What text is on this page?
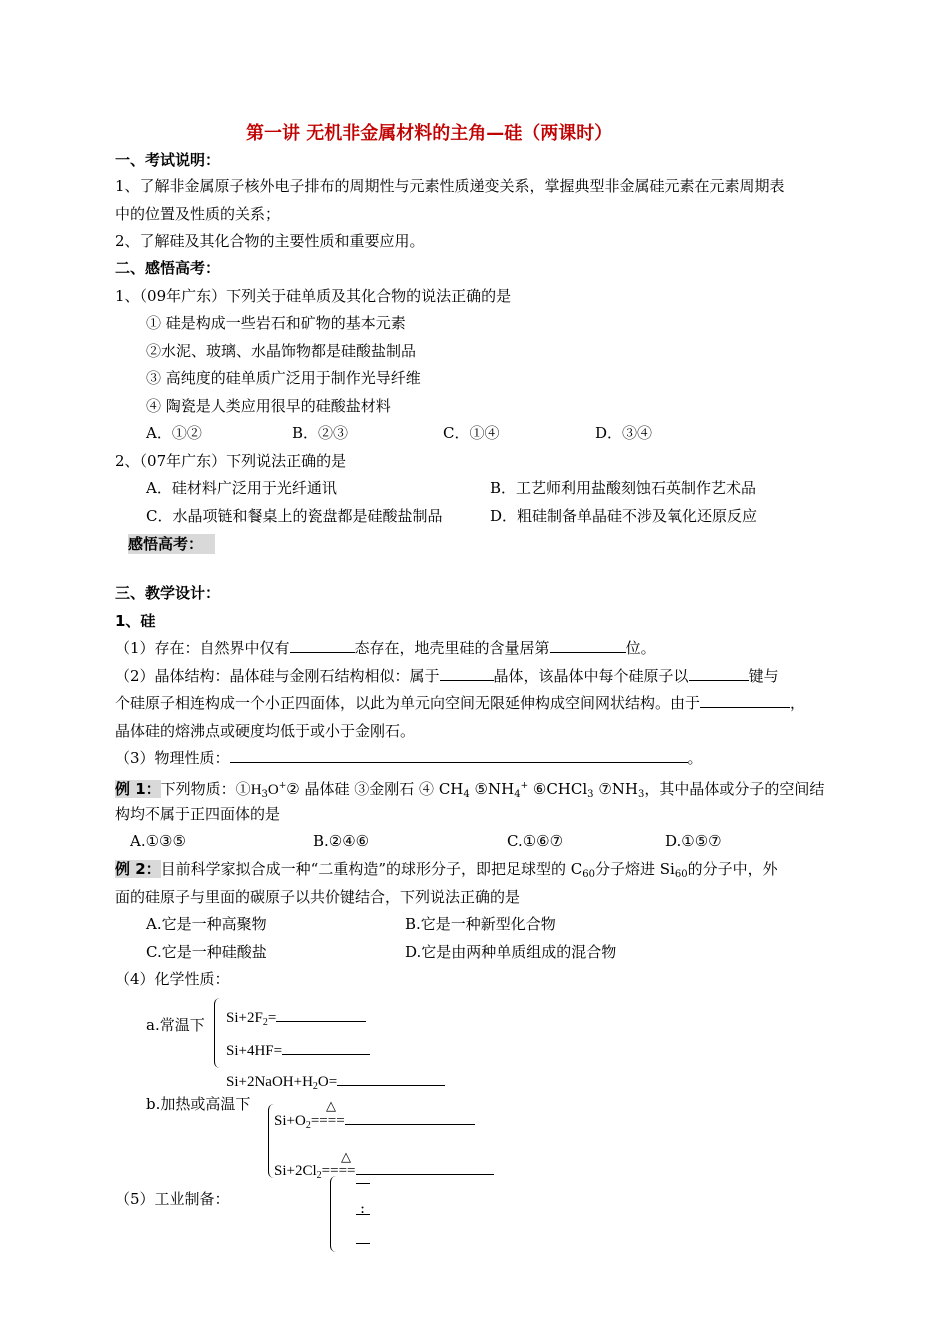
第一讲 无机非金属材料的主角—硅（两课时）
一、考试说明：
1、了解非金属原子核外电子排布的周期性与元素性质递变关系，掌握典型非金属硅元素在元素周期表
中的位置及性质的关系；
2、了解硅及其化合物的主要性质和重要应用。
二、感悟高考：
1、（09年广东）下列关于硅单质及其化合物的说法正确的是
① 硅是构成一些岩石和矿物的基本元素
②水泥、玻璃、水晶饰物都是硅酸盐制品
③ 高纯度的硅单质广泛用于制作光导纤维
④ 陶瓷是人类应用很早的硅酸盐材料
A．①②	B．②③	C．①④	D．③④
2、（07年广东）下列说法正确的是
A．硅材料广泛用于光纤通讯	B．工艺师利用盐酸刻蚀石英制作艺术品
C．水晶项链和餐桌上的瓷盘都是硅酸盐制品	D．粗硅制备单晶硅不涉及氧化还原反应
感悟高考：
三、教学设计：
1、硅
（1）存在：自然界中仅有	态存在，地壳里硅的含量居第	位。
（2）晶体结构：晶体硅与金刚石结构相似：属于	晶体，该晶体中每个硅原子以	键与
个硅原子相连构成一个小正四面体，以此为单元向空间无限延伸构成空间网状结构。由于	，
晶体硅的熔沸点或硬度均低于或小于金刚石。
（3）物理性质：	。
例 1：下列物质：$①H_3O^+②$ 晶体硅 ③金刚石 ④ $CH_4$ $⑤NH_4^+$ ⑥CHCl$_3$ $⑦NH_3$，其中晶体或分子的空间结
构均不属于正四面体的是
A.①③⑤	B.②④⑥	C.①⑥⑦	D.①⑤⑦
例 2：目前科学家拟合成一种“二重构造”的球形分子，即把足球型的 $C_{60}$分子熔进 $Si_{60}$的分子中，外
面的硅原子与里面的碳原子以共价键结合，下列说法正确的是
A.它是一种高聚物	B.它是一种新型化合物
C.它是一种硅酸盐	D.它是由两种单质组成的混合物
（4）化学性质：
a.常温下 $Si+2F_2=$
Si+4HF=
$Si+2NaOH+H_2O=$
b.加热或高温下	△
$Si+O_2====$
△
$Si+2Cl_2====$
（5）工业制备：	:
